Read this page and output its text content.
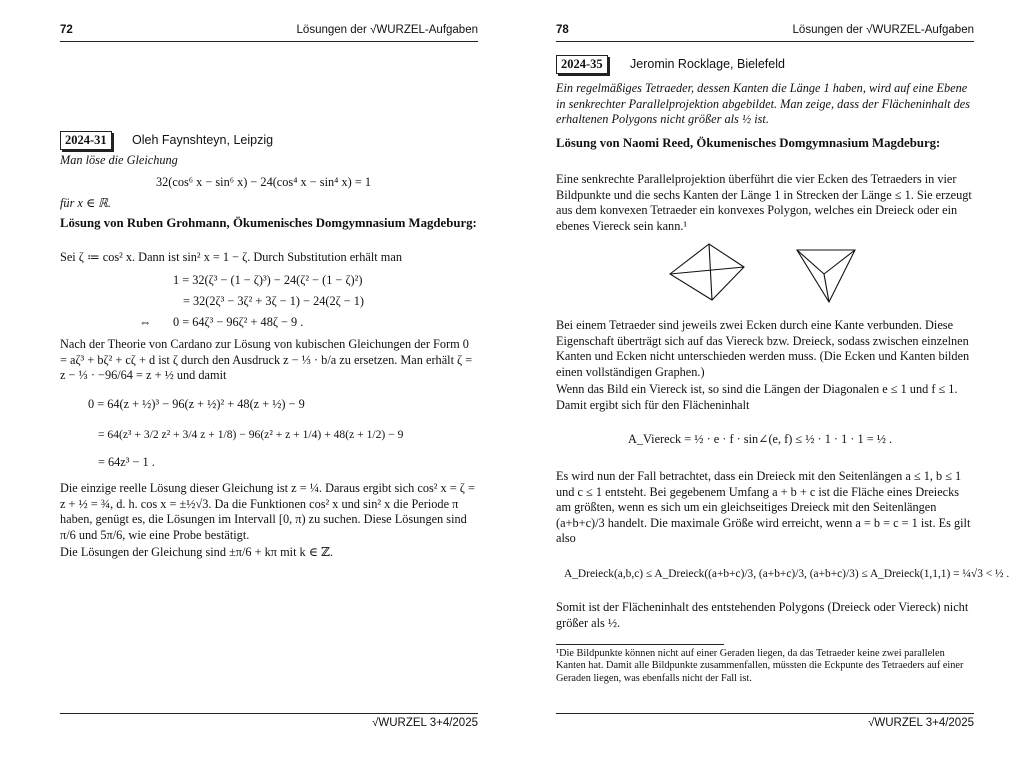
72	Lösungen der √WURZEL-Aufgaben
2024-31	Oleh Faynshteyn, Leipzig
Man löse die Gleichung
32(cos⁶ x − sin⁶ x) − 24(cos⁴ x − sin⁴ x) = 1
für x ∈ ℝ.
Lösung von Ruben Grohmann, Ökumenisches Domgymnasium Magdeburg:
Sei ζ ≔ cos² x. Dann ist sin² x = 1 − ζ. Durch Substitution erhält man
1 = 32(ζ³ − (1 − ζ)³) − 24(ζ² − (1 − ζ)²)
= 32(2ζ³ − 3ζ² + 3ζ − 1) − 24(2ζ − 1)
⇔ 0 = 64ζ³ − 96ζ² + 48ζ − 9 .
Nach der Theorie von Cardano zur Lösung von kubischen Gleichungen der Form 0 = aζ³ + bζ² + cζ + d ist ζ durch den Ausdruck z − ⅓ · b/a zu ersetzen. Man erhält ζ = z − ⅓ · −96/64 = z + ½ und damit
0 = 64(z + ½)³ − 96(z + ½)² + 48(z + ½) − 9
= 64(z³ + 3/2 z² + 3/4 z + 1/8) − 96(z² + z + 1/4) + 48(z + 1/2) − 9
= 64z³ − 1 .
Die einzige reelle Lösung dieser Gleichung ist z = ¼. Daraus ergibt sich cos² x = ζ = z + ½ = ¾, d. h. cos x = ±½√3. Da die Funktionen cos² x und sin² x die Periode π haben, genügt es, die Lösungen im Intervall [0, π) zu suchen. Diese Lösungen sind π/6 und 5π/6, wie eine Probe bestätigt.
Die Lösungen der Gleichung sind ±π/6 + kπ mit k ∈ ℤ.
√WURZEL 3+4/2025
78	Lösungen der √WURZEL-Aufgaben
2024-35	Jeromin Rocklage, Bielefeld
Ein regelmäßiges Tetraeder, dessen Kanten die Länge 1 haben, wird auf eine Ebene in senkrechter Parallelprojektion abgebildet. Man zeige, dass der Flächeninhalt des erhaltenen Polygons nicht größer als ½ ist.
Lösung von Naomi Reed, Ökumenisches Domgymnasium Magdeburg:
Eine senkrechte Parallelprojektion überführt die vier Ecken des Tetraeders in vier Bildpunkte und die sechs Kanten der Länge 1 in Strecken der Länge ≤ 1. Sie erzeugt aus dem konvexen Tetraeder ein konvexes Polygon, welches ein Dreieck oder ein ebenes Viereck sein kann.¹
Bei einem Tetraeder sind jeweils zwei Ecken durch eine Kante verbunden. Diese Eigenschaft überträgt sich auf das Viereck bzw. Dreieck, sodass zwischen einzelnen Kanten und Ecken nicht unterschieden werden muss. (Die Ecken und Kanten bilden einen vollständigen Graphen.)
Wenn das Bild ein Viereck ist, so sind die Längen der Diagonalen e ≤ 1 und f ≤ 1. Damit ergibt sich für den Flächeninhalt
A_Viereck = ½ · e · f · sin∠(e, f) ≤ ½ · 1 · 1 · 1 = ½ .
Es wird nun der Fall betrachtet, dass ein Dreieck mit den Seitenlängen a ≤ 1, b ≤ 1 und c ≤ 1 entsteht. Bei gegebenem Umfang a + b + c ist die Fläche eines Dreiecks am größten, wenn es sich um ein gleichseitiges Dreieck mit den Seitenlängen (a+b+c)/3 handelt. Die maximale Größe wird erreicht, wenn a = b = c = 1 ist. Es gilt also
A_Dreieck(a,b,c) ≤ A_Dreieck((a+b+c)/3, (a+b+c)/3, (a+b+c)/3) ≤ A_Dreieck(1,1,1) = ¼√3 < ½ .
Somit ist der Flächeninhalt des entstehenden Polygons (Dreieck oder Viereck) nicht größer als ½.
¹Die Bildpunkte können nicht auf einer Geraden liegen, da das Tetraeder keine zwei parallelen Kanten hat. Damit alle Bildpunkte zusammenfallen, müssten die Eckpunte des Tetraeders auf einer Geraden liegen, was ebenfalls nicht der Fall ist.
√WURZEL 3+4/2025
